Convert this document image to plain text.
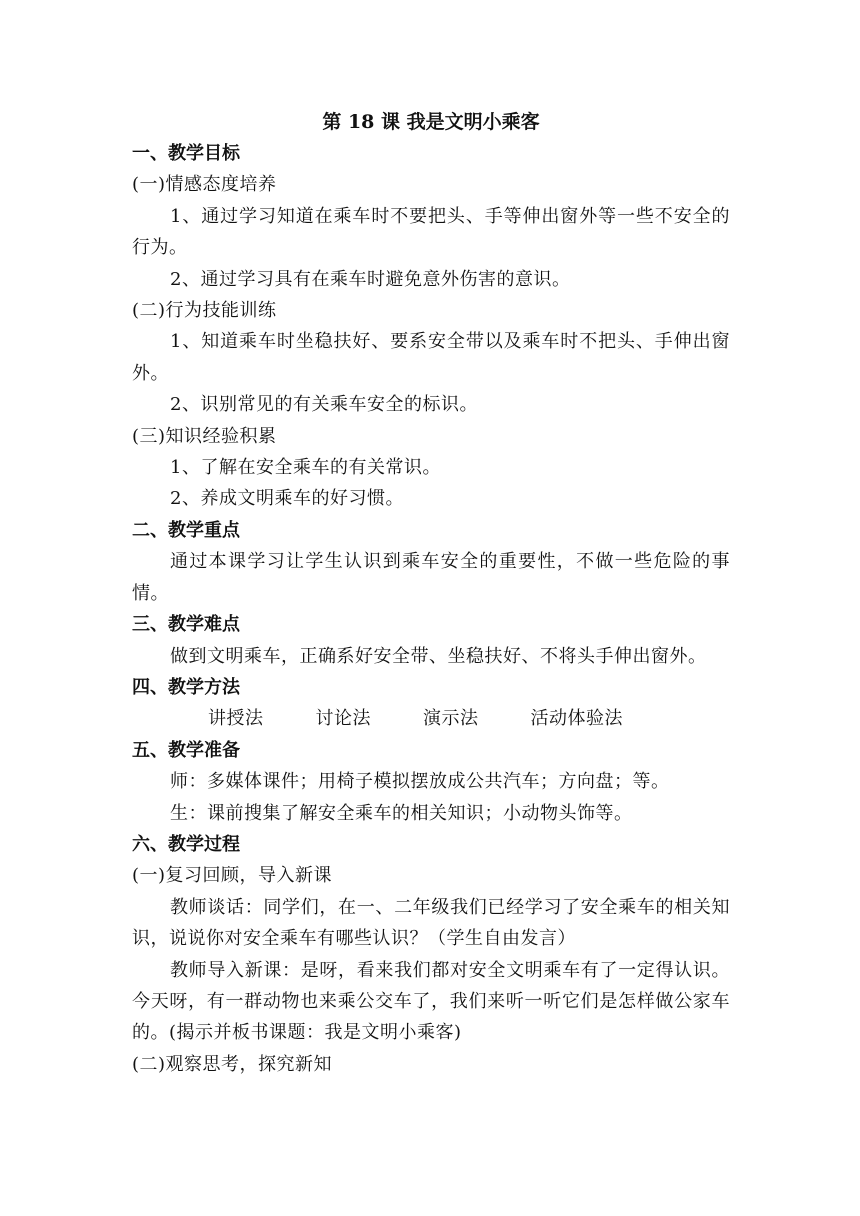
第 18 课 我是文明小乘客

一、教学目标

(一)情感态度培养

1、通过学习知道在乘车时不要把头、手等伸出窗外等一些不安全的行为。

2、通过学习具有在乘车时避免意外伤害的意识。

(二)行为技能训练

1、知道乘车时坐稳扶好、要系安全带以及乘车时不把头、手伸出窗外。

2、识别常见的有关乘车安全的标识。

(三)知识经验积累

1、了解在安全乘车的有关常识。

2、养成文明乘车的好习惯。

二、教学重点

通过本课学习让学生认识到乘车安全的重要性，不做一些危险的事情。

三、教学难点

做到文明乘车，正确系好安全带、坐稳扶好、不将头手伸出窗外。

四、教学方法

讲授法	讨论法	演示法	活动体验法

五、教学准备

师：多媒体课件；用椅子模拟摆放成公共汽车；方向盘；等。

生：课前搜集了解安全乘车的相关知识；小动物头饰等。

六、教学过程

(一)复习回顾，导入新课

教师谈话：同学们，在一、二年级我们已经学习了安全乘车的相关知识，说说你对安全乘车有哪些认识？（学生自由发言）

教师导入新课：是呀，看来我们都对安全文明乘车有了一定得认识。今天呀，有一群动物也来乘公交车了，我们来听一听它们是怎样做公家车的。(揭示并板书课题：我是文明小乘客)

(二)观察思考，探究新知
